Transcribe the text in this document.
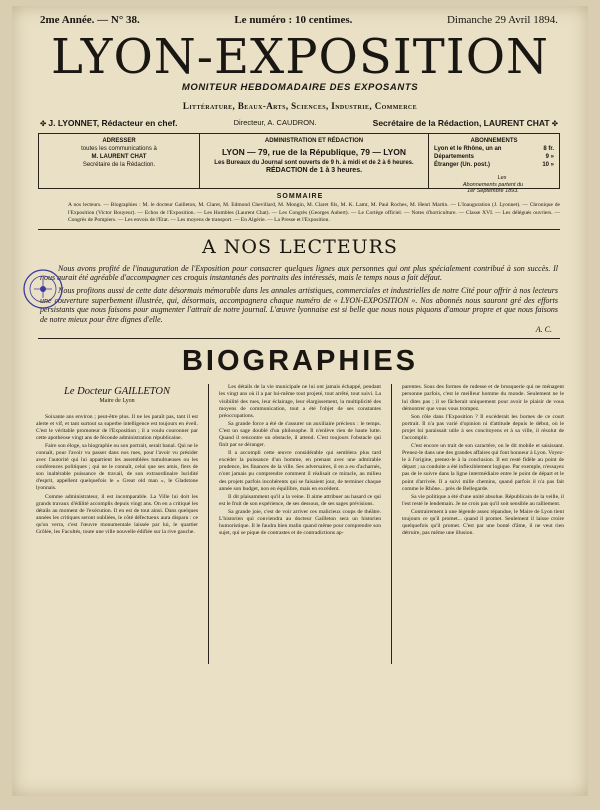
2me Année. — N° 38.	Le numéro : 10 centimes.	Dimanche 29 Avril 1894.
LYON-EXPOSITION
MONITEUR HEBDOMADAIRE DES EXPOSANTS
Littérature, Beaux-Arts, Sciences, Industrie, Commerce
✤ J. LYONNET, Rédacteur en chef.	Directeur, A. CAUDRON.	Secrétaire de la Rédaction, LAURENT CHAT ✤
ADRESSER
toutes les communications à
M. LAURENT CHAT
Secrétaire de la Rédaction.
ADMINISTRATION ET RÉDACTION
LYON — 79, rue de la République, 79 — LYON
Les Bureaux du Journal sont ouverts de 9 h. à midi et de 2 à 6 heures.
RÉDACTION de 1 à 3 heures.
ABONNEMENTS
Lyon et le Rhône, un an	8 fr.
Départements	9 »
Étranger (Un. post.)	10 »
Les Abonnements partent du 1er Septembre 1893.
SOMMAIRE
A nos lecteurs. — Biographies : M. le docteur Gailleton, M. Claret, M. Edmond Chevillard, M. Mongin, M. Claret fils, M. K. Lamt, M. Paul Roches, M. Henri Martin. — L'Inauguration (J. Lyonnet). — Chronique de l'Exposition (Victor Bouyeur). — Echos de l'Exposition. — Les Humbles (Laurent Chat). — Les Congrès (Georges Aubert). — Le Cortège officiel. — Notes d'horticulture. — Classe XVI. — Les délégués ouvriers. — Congrès de Pompiers. — Les envois de l'Etat. — Les moyens de transport. — En Algérie. — La Presse et l'Exposition.
A NOS LECTEURS

Nous avons profité de l'inauguration de l'Exposition pour consacrer quelques lignes aux personnes qui ont plus spécialement contribué à son succès. Il nous aurait été agréable d'accompagner ces croquis instantanés des portraits des intéressés, mais le temps nous a fait défaut.

Nous profitons aussi de cette date désormais mémorable dans les annales artistiques, commerciales et industrielles de notre Cité pour offrir à nos lecteurs une couverture superbement illustrée, qui, désormais, accompagnera chaque numéro de « LYON-EXPOSITION ». Nos abonnés nous sauront gré des efforts persistants que nous faisons pour augmenter l'attrait de notre journal. L'œuvre lyonnaise est si belle que nous nous piquons d'amour propre et que nous faisons de notre mieux pour être dignes d'elle.

A. C.
BIOGRAPHIES
Le Docteur GAILLETON
Maire de Lyon

Soixante ans environ ; peut-être plus. Il ne les paraît pas, tant il est alerte et vif, et tant surtout sa superbe intelligence est toujours en éveil. C'est le véritable promoteur de l'Exposition ; il a voulu couronner par cette apothéose vingt ans de féconde administration républicaine.

Faire son éloge, sa biographie ou son portrait, serait banal. Qui ne le connaît, pour l'avoir vu passer dans nos rues, pour l'avoir vu présider avec l'autorité qui lui appartient les assemblées tumultueuses ou les conférences politiques ; qui ne le connaît, celui que ses amis, fiers de son inaltérable puissance de travail, de son extraordinaire lucidité d'esprit, appellent quelquefois le « Great old man », le Gladstone lyonnais.

Comme administrateur, il est incomparable. La Ville lui doit les grands travaux d'édilité accomplis depuis vingt ans. On en a critiqué les détails au moment de l'exécution. Il en est de tout ainsi. Dans quelques années les critiques seront oubliées, le côté défectueux aura disparu : ce qu'on verra, c'est l'œuvre monumentale laissée par lui, le quartier Grôlée, les Facultés, toute une ville nouvelle édifiée sur la rive gauche.

Les détails de la vie municipale ne lui ont jamais échappé, pendant les vingt ans où il a par lui-même tout projeté, tout arrêté, tout suivi. La visibilité des rues, leur éclairage, leur élargissement, la multiplicité des moyens de communication, tout a été l'objet de ses constantes préoccupations.

Sa grande force a été de s'assurer un auxiliaire précieux : le temps. C'est un sage doublé d'un philosophe. Il n'enlève rien de haute lutte. Quand il rencontre un obstacle, il attend. C'est toujours l'obstacle qui finit par se déranger.

Il a accompli cette œuvre considérable qui semblera plus tard excéder la puissance d'un homme, en prenant avec une admirable prudence, les finances de la ville. Ses adversaires, il en a eu d'acharnés, n'ont jamais pu comprendre comment il réalisait ce miracle, au milieu des projets parfois incohérents qui se faisaient jour, de terminer chaque année son budget, non en équilibre, mais en excédent.

Il dit plaisamment qu'il a la veine. Il aime attribuer au hasard ce qui est le fruit de son expérience, de ses dessous, de ses sages prévisions.

Sa grande joie, c'est de voir arriver ces malicieux coups de théâtre. L'historien qui conviendra au docteur Gailleton sera un historien humoristique. Il le faudra bien malin quand même pour comprendre son sujet, qui se pique de contrastes et de contradictions ap-

parentes. Sous des formes de rudesse et de brusquerie qui ne ménagent personne parfois, c'est le meilleur homme du monde. Seulement ne le lui dites pas ; il se fâcherait uniquement pour avoir le plaisir de vous démontrer que vous vous trompez.

Son rôle dans l'Exposition ? Il excéderait les bornes de ce court portrait. Il n'a pas varié d'opinion ni d'attitude depuis le début, où le projet lui paraissait utile à ses concitoyens et à sa ville, il résolut de l'accomplir.

C'est encore un trait de son caractère, on le dit mobile et saisissant. Prenez-le dans une des grandes affaires qui font honneur à Lyon. Voyez-le à l'origine, prenez-le à la conclusion. Il est resté fidèle au point de départ ; sa conduite a été inflexiblement logique. Par exemple, n'essayez pas de le suivre dans la ligne intermédiaire entre le point de départ et le point d'arrivée. Il a suivi mille chemins, quand parfois il n'a pas fait comme le Rhône... près de Bellegarde.

Sa vie politique a été d'une unité absolue. Républicain de la veille, il l'est resté le lendemain. Je ne crois pas qu'il soit sensible au ralliement.

Contrairement à une légende assez répandue, le Maire de Lyon tient toujours ce qu'il promet... quand il promet. Seulement il laisse croire quelquefois qu'il promet. C'est par une bonté d'âme, il ne veut rien détruire, pas même une illusion.
